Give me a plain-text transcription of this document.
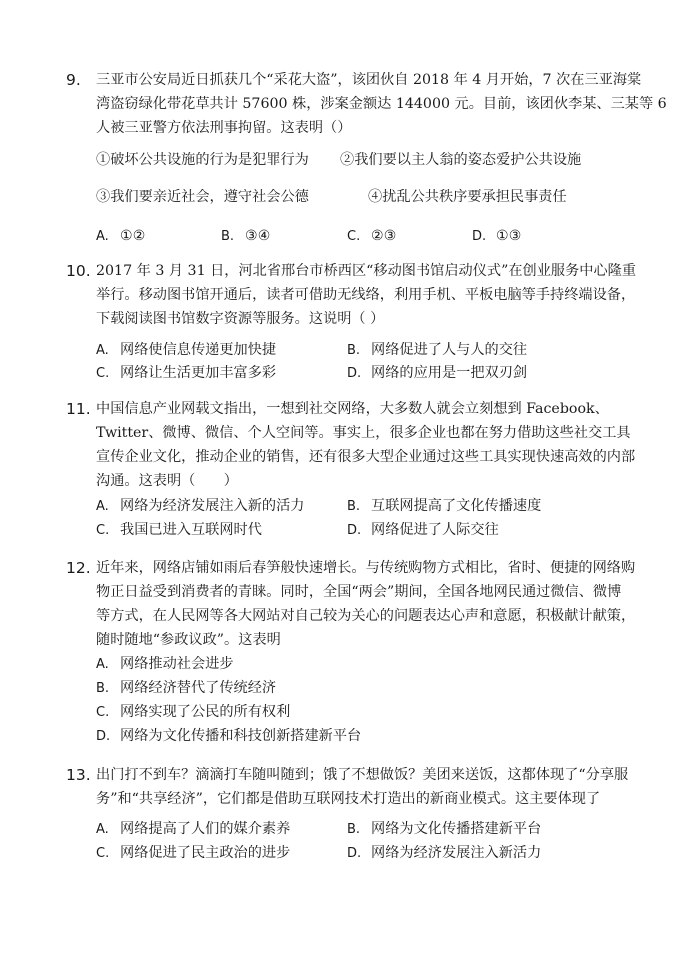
9. 三亚市公安局近日抓获几个“采花大盗”，该团伙自 2018 年 4 月开始，7 次在三亚海棠
湾盗窃绿化带花草共计 57600 株，涉案金额达 144000 元。目前，该团伙李某、三某等 6
人被三亚警方依法刑事拘留。这表明（）
①破坏公共设施的行为是犯罪行为 ②我们要以主人翁的姿态爱护公共设施
③我们要亲近社会，遵守社会公德	④扰乱公共秩序要承担民事责任
A. ①②	B. ③④	C. ②③	D. ①③
10. 2017 年 3 月 31 日，河北省邢台市桥西区“移动图书馆启动仪式”在创业服务中心隆重
举行。移动图书馆开通后，读者可借助无线络，利用手机、平板电脑等手持终端设备，
下载阅读图书馆数字资源等服务。这说明（ ）
A. 网络使信息传递更加快捷	B. 网络促进了人与人的交往
C. 网络让生活更加丰富多彩	D. 网络的应用是一把双刃剑
11. 中国信息产业网载文指出，一想到社交网络，大多数人就会立刻想到 Facebook、
Twitter、微博、微信、个人空间等。事实上，很多企业也都在努力借助这些社交工具
宣传企业文化，推动企业的销售，还有很多大型企业通过这些工具实现快速高效的内部
沟通。这表明（　　）
A. 网络为经济发展注入新的活力	B. 互联网提高了文化传播速度
C. 我国已进入互联网时代	D. 网络促进了人际交往
12. 近年来，网络店铺如雨后春笋般快速增长。与传统购物方式相比，省时、便捷的网络购
物正日益受到消费者的青睐。同时，全国“两会”期间，全国各地网民通过微信、微博
等方式，在人民网等各大网站对自己较为关心的问题表达心声和意愿，积极献计献策，
随时随地“参政议政”。这表明
A. 网络推动社会进步
B. 网络经济替代了传统经济
C. 网络实现了公民的所有权利
D. 网络为文化传播和科技创新搭建新平台
13. 出门打不到车？滴滴打车随叫随到；饿了不想做饭？美团来送饭，这都体现了“分享服
务”和“共享经济”，它们都是借助互联网技术打造出的新商业模式。这主要体现了
A. 网络提高了人们的媒介素养	B. 网络为文化传播搭建新平台
C. 网络促进了民主政治的进步	D. 网络为经济发展注入新活力
